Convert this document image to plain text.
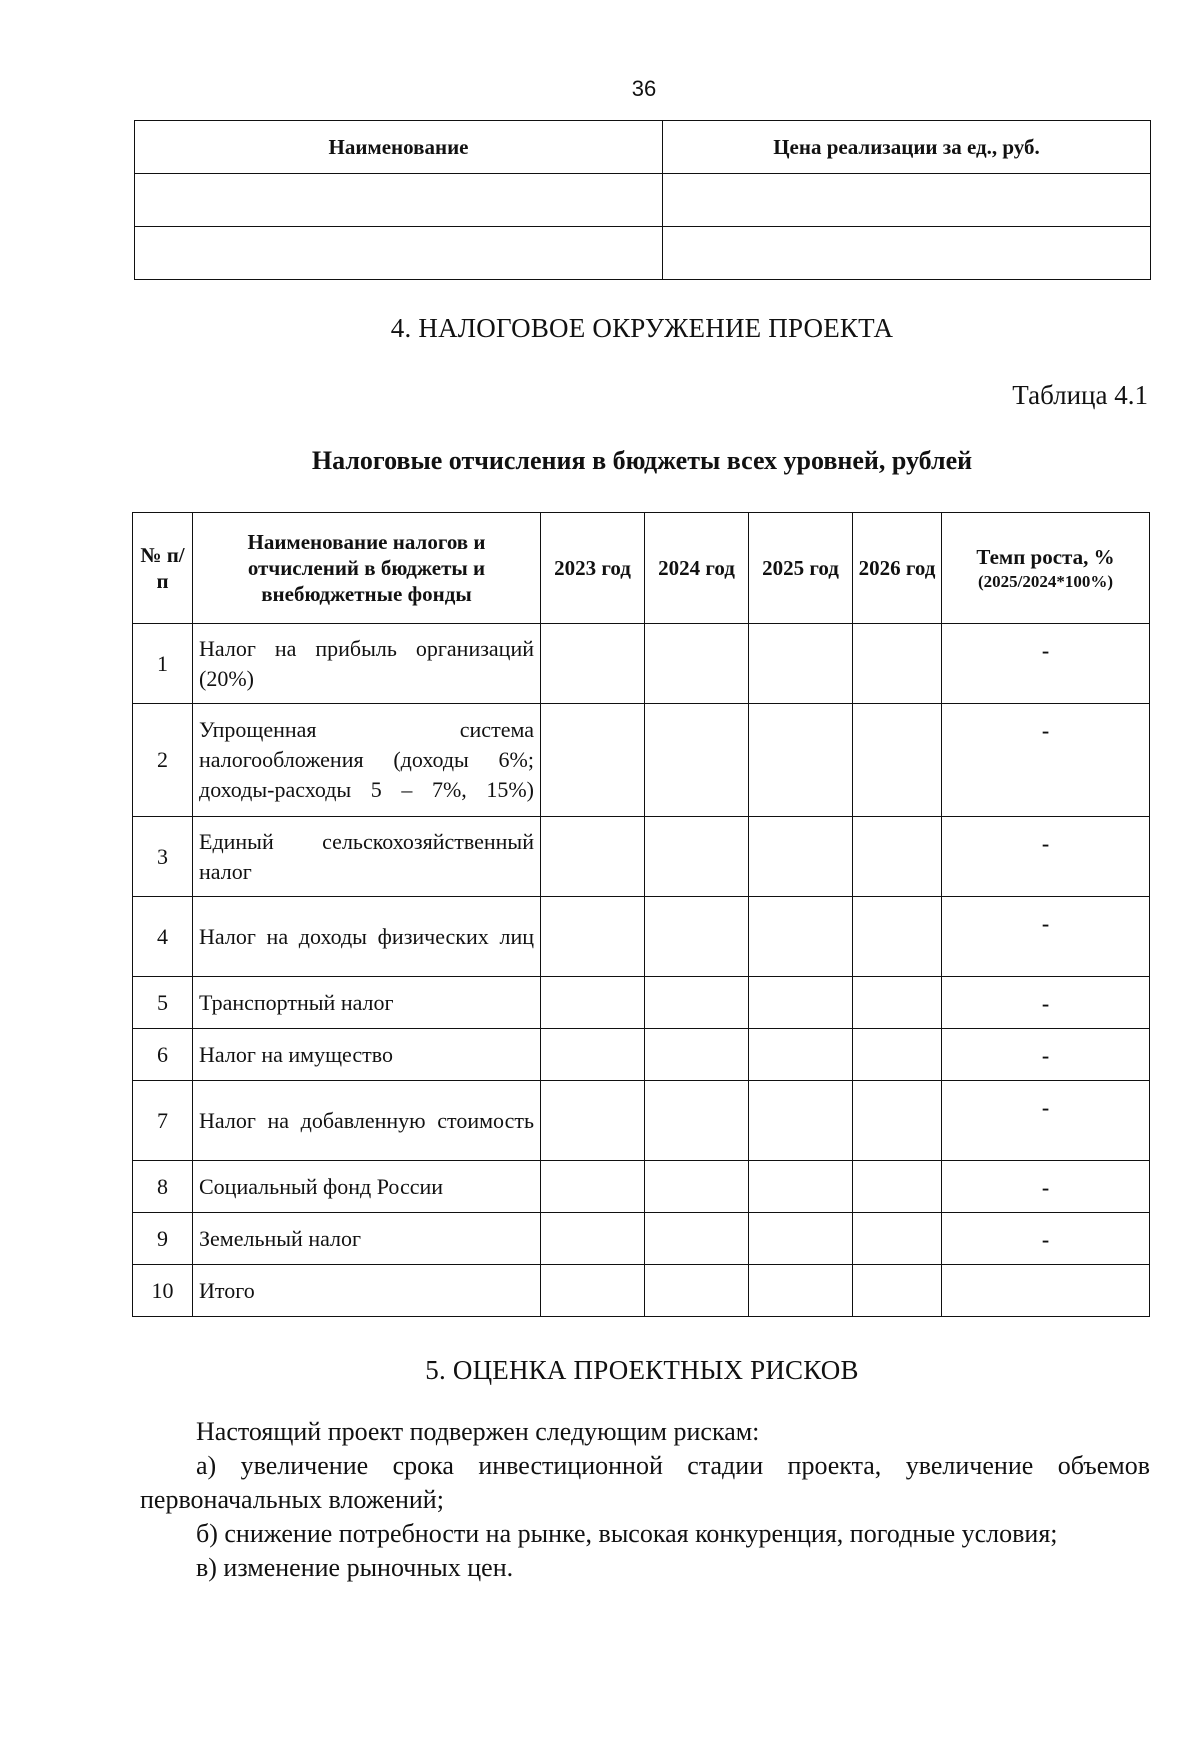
36
Наименование	Цена реализации за ед., руб.

4. НАЛОГОВОЕ ОКРУЖЕНИЕ ПРОЕКТА
Таблица 4.1
Налоговые отчисления в бюджеты всех уровней, рублей
№ п/п	Наименование налогов и отчислений в бюджеты и внебюджетные фонды	2023 год	2024 год	2025 год	2026 год	Темп роста, %
(2025/2024*100%)

1	Налог на прибыль организаций (20%)					-
2	Упрощенная система налогообложения (доходы 6%; доходы-расходы 5 – 7%, 15%)					-
3	Единый сельскохозяйственный налог					-
4	Налог на доходы физических лиц					-
5	Транспортный налог					-
6	Налог на имущество					-
7	Налог на добавленную стоимость					-
8	Социальный фонд России					-
9	Земельный налог					-
10	Итого					
5. ОЦЕНКА ПРОЕКТНЫХ РИСКОВ

Настоящий проект подвержен следующим рискам:

а) увеличение срока инвестиционной стадии проекта, увеличение объемов первоначальных вложений;

б) снижение потребности на рынке, высокая конкуренция, погодные условия;

в) изменение рыночных цен.
